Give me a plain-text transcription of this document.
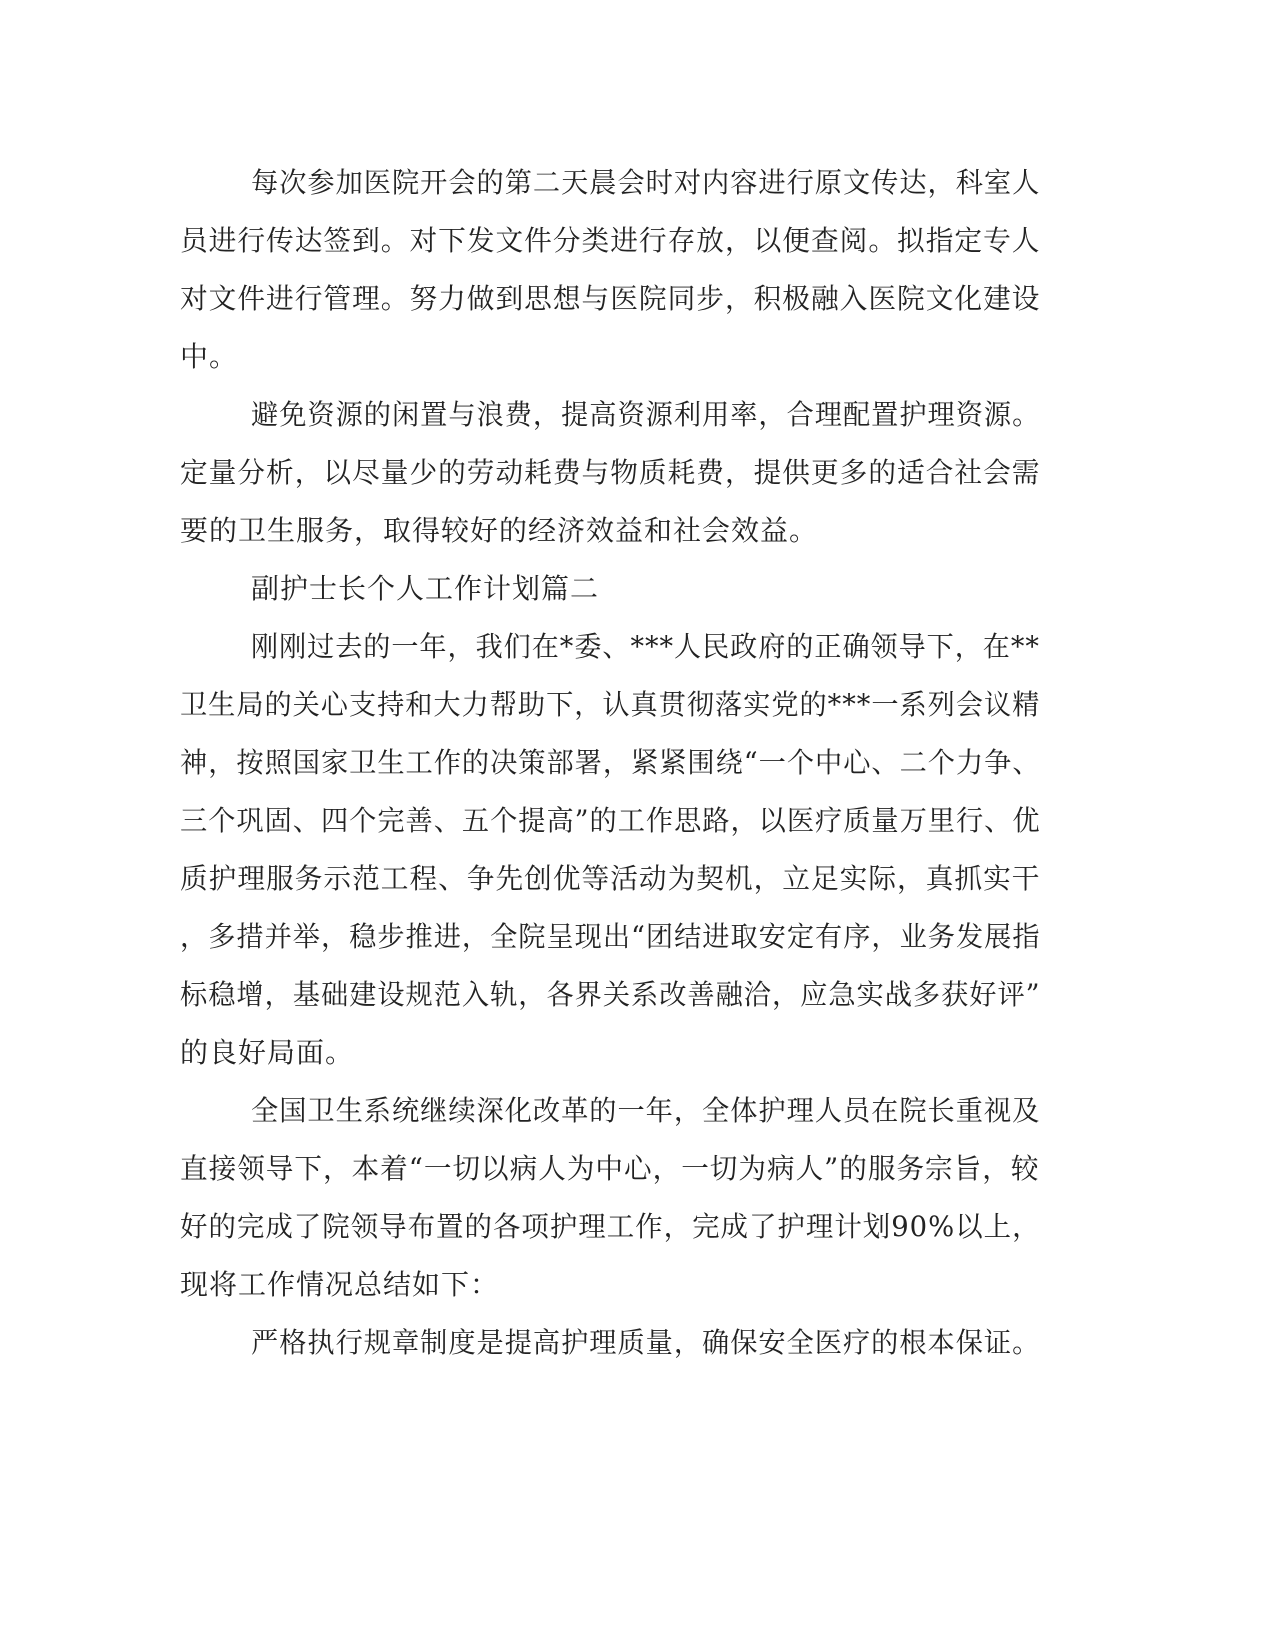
每次参加医院开会的第二天晨会时对内容进行原文传达，科室人

员进行传达签到。对下发文件分类进行存放，以便查阅。拟指定专人

对文件进行管理。努力做到思想与医院同步，积极融入医院文化建设

中。

避免资源的闲置与浪费，提高资源利用率，合理配置护理资源。

定量分析，以尽量少的劳动耗费与物质耗费，提供更多的适合社会需

要的卫生服务，取得较好的经济效益和社会效益。

副护士长个人工作计划篇二

刚刚过去的一年，我们在*委、***人民政府的正确领导下，在**

卫生局的关心支持和大力帮助下，认真贯彻落实党的***一系列会议精

神，按照国家卫生工作的决策部署，紧紧围绕“一个中心、二个力争、

三个巩固、四个完善、五个提高”的工作思路，以医疗质量万里行、优

质护理服务示范工程、争先创优等活动为契机，立足实际，真抓实干

，多措并举，稳步推进，全院呈现出“团结进取安定有序，业务发展指

标稳增，基础建设规范入轨，各界关系改善融洽，应急实战多获好评”

的良好局面。

全国卫生系统继续深化改革的一年，全体护理人员在院长重视及

直接领导下，本着“一切以病人为中心，一切为病人”的服务宗旨，较

好的完成了院领导布置的各项护理工作，完成了护理计划90%以上，

现将工作情况总结如下：

严格执行规章制度是提高护理质量，确保安全医疗的根本保证。
